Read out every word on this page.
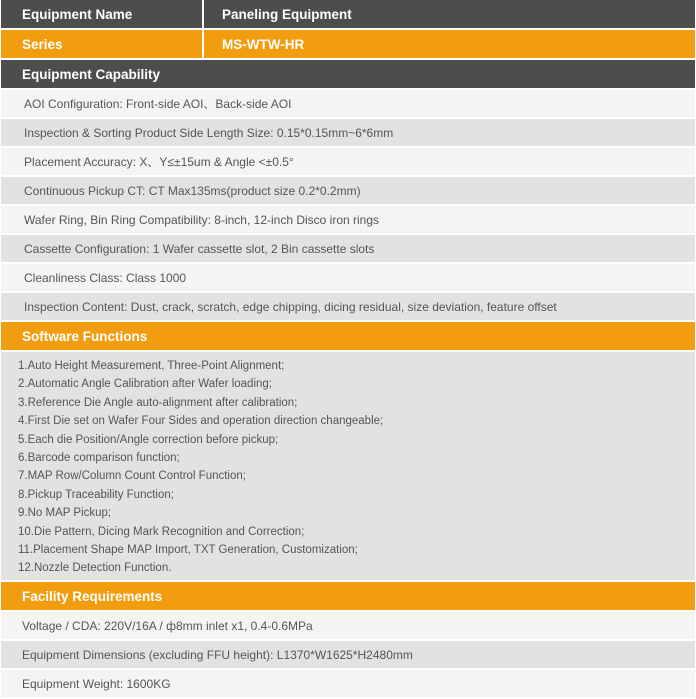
Equipment Name	Paneling Equipment
Series	MS-WTW-HR
Equipment Capability
AOI Configuration: Front-side AOI、Back-side AOI
Inspection & Sorting Product Side Length Size: 0.15*0.15mm~6*6mm
Placement Accuracy: X、Y≤±15um & Angle <±0.5°
Continuous Pickup CT: CT Max135ms(product size 0.2*0.2mm)
Wafer Ring, Bin Ring Compatibility: 8-inch, 12-inch Disco iron rings
Cassette Configuration: 1 Wafer cassette slot, 2 Bin cassette slots
Cleanliness Class: Class 1000
Inspection Content: Dust, crack, scratch, edge chipping, dicing residual, size deviation, feature offset
Software Functions
1.Auto Height Measurement, Three-Point Alignment;
2.Automatic Angle Calibration after Wafer loading;
3.Reference Die Angle auto-alignment after calibration;
4.First Die set on Wafer Four Sides and operation direction changeable;
5.Each die Position/Angle correction before pickup;
6.Barcode comparison function;
7.MAP Row/Column Count Control Function;
8.Pickup Traceability Function;
9.No MAP Pickup;
10.Die Pattern, Dicing Mark Recognition and Correction;
11.Placement Shape MAP Import, TXT Generation, Customization;
12.Nozzle Detection Function.
Facility Requirements
Voltage / CDA: 220V/16A / ф8mm inlet x1, 0.4-0.6MPa
Equipment Dimensions (excluding FFU height): L1370*W1625*H2480mm
Equipment Weight: 1600KG
